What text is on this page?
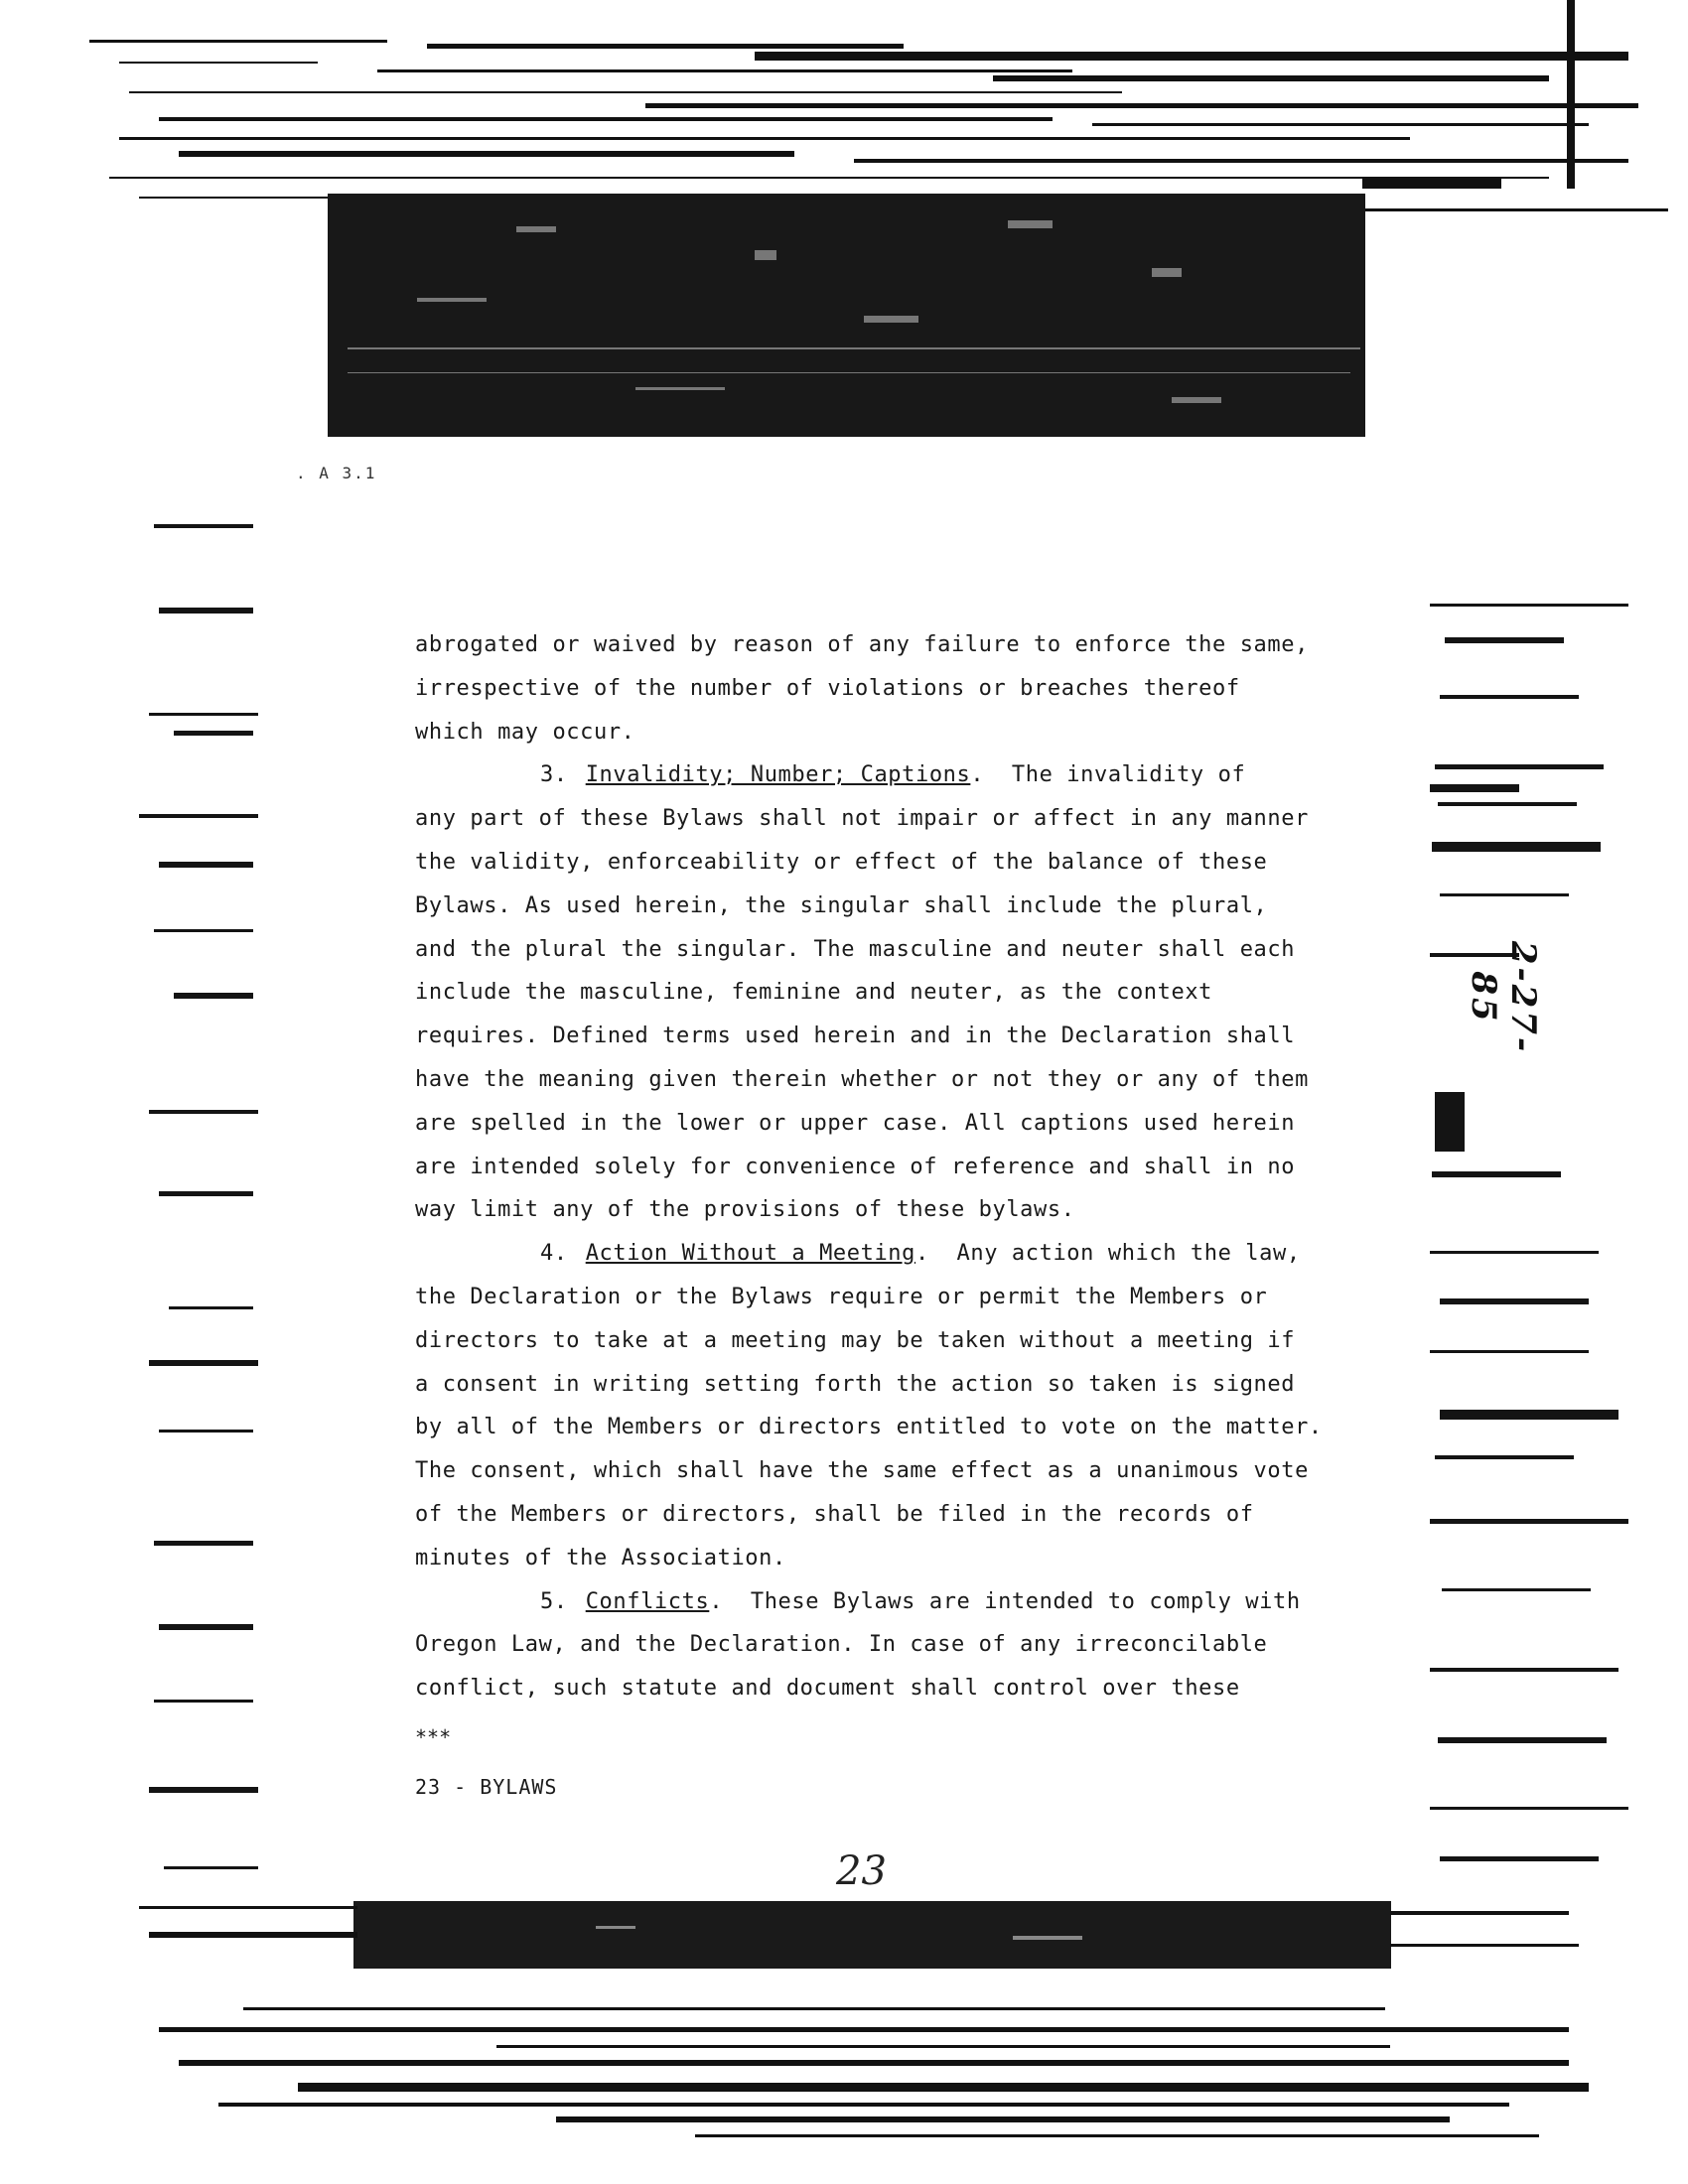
. A 3.1

abrogated or waived by reason of any failure to enforce the same,
irrespective of the number of violations or breaches thereof
which may occur.

3. Invalidity; Number; Captions.  The invalidity of
any part of these Bylaws shall not impair or affect in any manner
the validity, enforceability or effect of the balance of these
Bylaws. As used herein, the singular shall include the plural,
and the plural the singular. The masculine and neuter shall each
include the masculine, feminine and neuter, as the context
requires. Defined terms used herein and in the Declaration shall
have the meaning given therein whether or not they or any of them
are spelled in the lower or upper case. All captions used herein
are intended solely for convenience of reference and shall in no
way limit any of the provisions of these bylaws.

4. Action Without a Meeting.  Any action which the law,
the Declaration or the Bylaws require or permit the Members or
directors to take at a meeting may be taken without a meeting if
a consent in writing setting forth the action so taken is signed
by all of the Members or directors entitled to vote on the matter.
The consent, which shall have the same effect as a unanimous vote
of the Members or directors, shall be filed in the records of
minutes of the Association.

5. Conflicts.  These Bylaws are intended to comply with
Oregon Law, and the Declaration. In case of any irreconcilable
conflict, such statute and document shall control over these

***
23 - BYLAWS
23
2-27-85
